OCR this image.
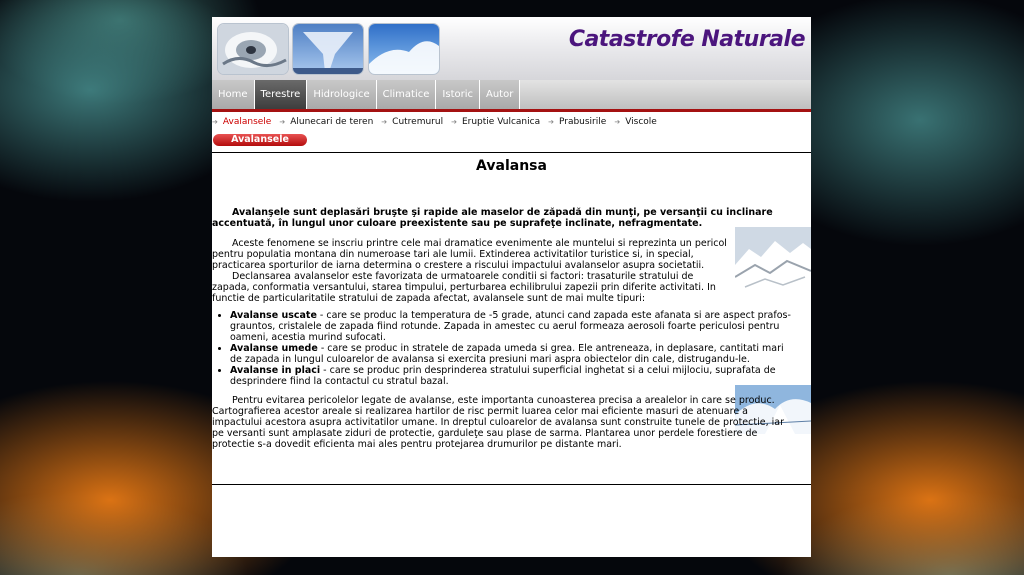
Catastrofe Naturale
Home	Terestre	Hidrologice	Climatice	Istoric	Autor
➔ Avalansele ➔ Alunecari de teren ➔ Cutremurul ➔ Eruptie Vulcanica ➔ Prabusirile ➔ Viscole
Avalansele
Avalansa
Avalanşele sunt deplasări bruşte şi rapide ale maselor de zăpadă din munţi, pe versanţii cu inclinare accentuată, în lungul unor culoare preexistente sau pe suprafeţe inclinate, nefragmentate.
Aceste fenomene se inscriu printre cele mai dramatice evenimente ale muntelui si reprezinta un pericol pentru populatia montana din numeroase tari ale lumii. Extinderea activitatilor turistice si, in special, practicarea sporturilor de iarna determina o crestere a riscului impactului avalanselor asupra societatii.
Declansarea avalanselor este favorizata de urmatoarele conditii si factori: trasaturile stratului de zapada, conformatia versantului, starea timpului, perturbarea echilibrului zapezii prin diferite activitati. In functie de particularitatile stratului de zapada afectat, avalansele sunt de mai multe tipuri:
• Avalanse uscate - care se produc la temperatura de -5 grade, atunci cand zapada este afanata si are aspect prafos-grauntos, cristalele de zapada fiind rotunde. Zapada in amestec cu aerul formeaza aerosoli foarte periculosi pentru oameni, acestia murind sufocati.
• Avalanse umede - care se produc in stratele de zapada umeda si grea. Ele antreneaza, in deplasare, cantitati mari de zapada in lungul culoarelor de avalansa si exercita presiuni mari aspra obiectelor din cale, distrugandu-le.
• Avalanse in placi - care se produc prin desprinderea stratului superficial inghetat si a celui mijlociu, suprafata de desprindere fiind la contactul cu stratul bazal.
Pentru evitarea pericolelor legate de avalanse, este importanta cunoasterea precisa a arealelor in care se produc. Cartografierea acestor areale si realizarea hartilor de risc permit luarea celor mai eficiente masuri de atenuare a impactului acestora asupra activitatilor umane. In dreptul culoarelor de avalansa sunt construite tunele de protectie, iar pe versanti sunt amplasate ziduri de protectie, garduleţe sau plase de sarma. Plantarea unor perdele forestiere de protectie s-a dovedit eficienta mai ales pentru protejarea drumurilor pe distante mari.
